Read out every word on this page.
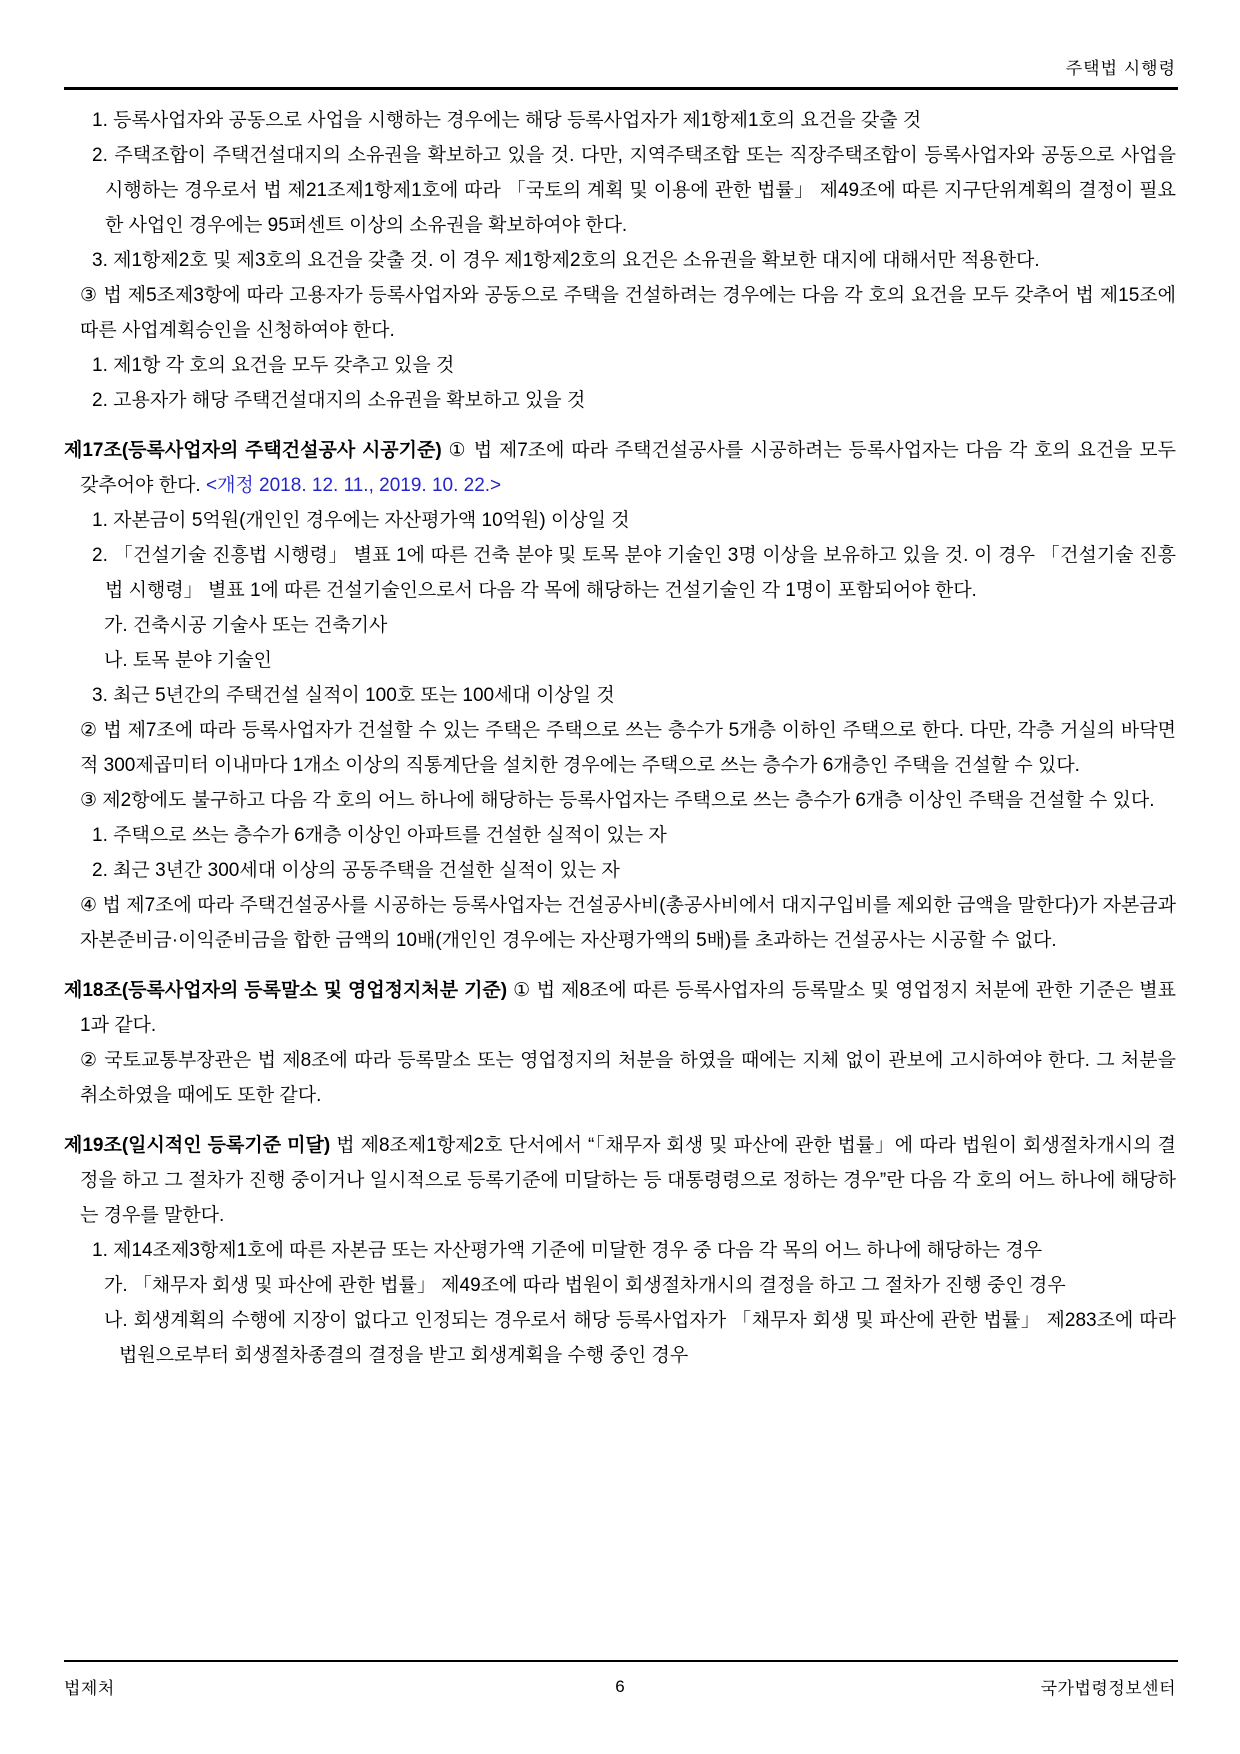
주택법 시행령
1. 등록사업자와 공동으로 사업을 시행하는 경우에는 해당 등록사업자가 제1항제1호의 요건을 갖출 것
2. 주택조합이 주택건설대지의 소유권을 확보하고 있을 것. 다만, 지역주택조합 또는 직장주택조합이 등록사업자와 공동으로 사업을 시행하는 경우로서 법 제21조제1항제1호에 따라 「국토의 계획 및 이용에 관한 법률」 제49조에 따른 지구단위계획의 결정이 필요한 사업인 경우에는 95퍼센트 이상의 소유권을 확보하여야 한다.
3. 제1항제2호 및 제3호의 요건을 갖출 것. 이 경우 제1항제2호의 요건은 소유권을 확보한 대지에 대해서만 적용한다.
③ 법 제5조제3항에 따라 고용자가 등록사업자와 공동으로 주택을 건설하려는 경우에는 다음 각 호의 요건을 모두 갖추어 법 제15조에 따른 사업계획승인을 신청하여야 한다.
1. 제1항 각 호의 요건을 모두 갖추고 있을 것
2. 고용자가 해당 주택건설대지의 소유권을 확보하고 있을 것
제17조(등록사업자의 주택건설공사 시공기준) ① 법 제7조에 따라 주택건설공사를 시공하려는 등록사업자는 다음 각 호의 요건을 모두 갖추어야 한다. <개정 2018. 12. 11., 2019. 10. 22.>
1. 자본금이 5억원(개인인 경우에는 자산평가액 10억원) 이상일 것
2. 「건설기술 진흥법 시행령」 별표 1에 따른 건축 분야 및 토목 분야 기술인 3명 이상을 보유하고 있을 것. 이 경우 「건설기술 진흥법 시행령」 별표 1에 따른 건설기술인으로서 다음 각 목에 해당하는 건설기술인 각 1명이 포함되어야 한다.
가. 건축시공 기술사 또는 건축기사
나. 토목 분야 기술인
3. 최근 5년간의 주택건설 실적이 100호 또는 100세대 이상일 것
② 법 제7조에 따라 등록사업자가 건설할 수 있는 주택은 주택으로 쓰는 층수가 5개층 이하인 주택으로 한다. 다만, 각층 거실의 바닥면적 300제곱미터 이내마다 1개소 이상의 직통계단을 설치한 경우에는 주택으로 쓰는 층수가 6개층인 주택을 건설할 수 있다.
③ 제2항에도 불구하고 다음 각 호의 어느 하나에 해당하는 등록사업자는 주택으로 쓰는 층수가 6개층 이상인 주택을 건설할 수 있다.
1. 주택으로 쓰는 층수가 6개층 이상인 아파트를 건설한 실적이 있는 자
2. 최근 3년간 300세대 이상의 공동주택을 건설한 실적이 있는 자
④ 법 제7조에 따라 주택건설공사를 시공하는 등록사업자는 건설공사비(총공사비에서 대지구입비를 제외한 금액을 말한다)가 자본금과 자본준비금·이익준비금을 합한 금액의 10배(개인인 경우에는 자산평가액의 5배)를 초과하는 건설공사는 시공할 수 없다.
제18조(등록사업자의 등록말소 및 영업정지처분 기준) ① 법 제8조에 따른 등록사업자의 등록말소 및 영업정지 처분에 관한 기준은 별표 1과 같다.
② 국토교통부장관은 법 제8조에 따라 등록말소 또는 영업정지의 처분을 하였을 때에는 지체 없이 관보에 고시하여야 한다. 그 처분을 취소하였을 때에도 또한 같다.
제19조(일시적인 등록기준 미달) 법 제8조제1항제2호 단서에서 “「채무자 회생 및 파산에 관한 법률」에 따라 법원이 회생절차개시의 결정을 하고 그 절차가 진행 중이거나 일시적으로 등록기준에 미달하는 등 대통령령으로 정하는 경우”란 다음 각 호의 어느 하나에 해당하는 경우를 말한다.
1. 제14조제3항제1호에 따른 자본금 또는 자산평가액 기준에 미달한 경우 중 다음 각 목의 어느 하나에 해당하는 경우
가. 「채무자 회생 및 파산에 관한 법률」 제49조에 따라 법원이 회생절차개시의 결정을 하고 그 절차가 진행 중인 경우
나. 회생계획의 수행에 지장이 없다고 인정되는 경우로서 해당 등록사업자가 「채무자 회생 및 파산에 관한 법률」 제283조에 따라 법원으로부터 회생절차종결의 결정을 받고 회생계획을 수행 중인 경우
법제처	6	국가법령정보센터
